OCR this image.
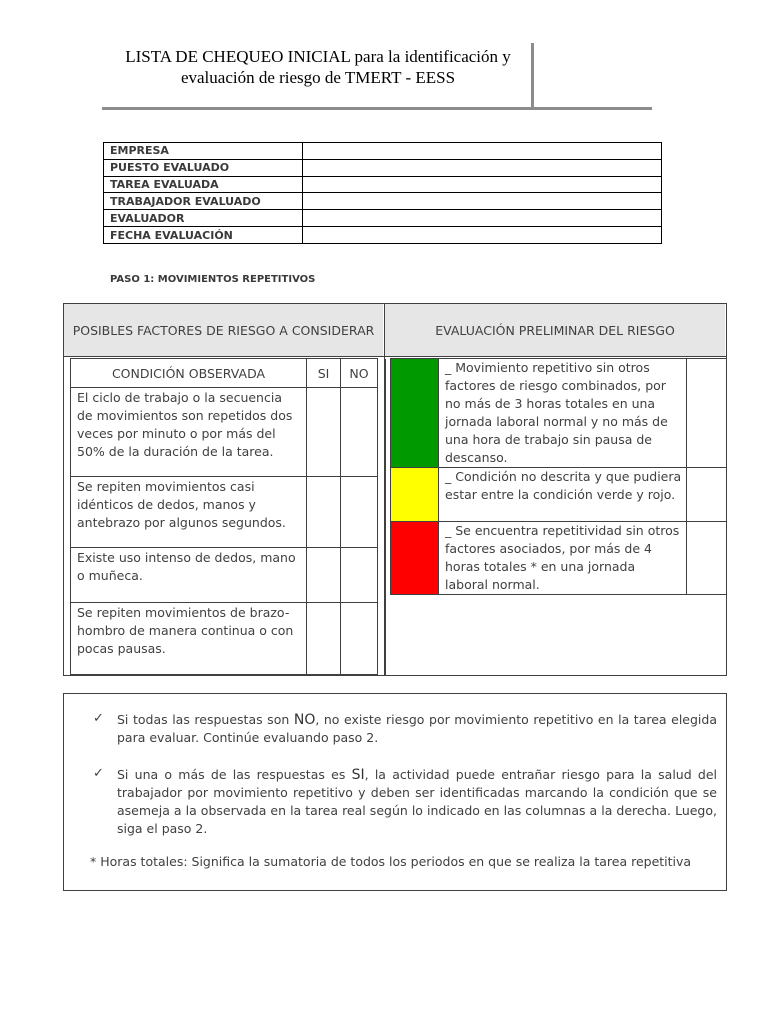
LISTA DE CHEQUEO INICIAL para la identificación y
evaluación de riesgo de TMERT - EESS
EMPRESA	
PUESTO EVALUADO	
TAREA EVALUADA	
TRABAJADOR EVALUADO	
EVALUADOR	
FECHA EVALUACIÓN	
PASO 1: MOVIMIENTOS REPETITIVOS
POSIBLES FACTORES DE RIESGO A CONSIDERAR	EVALUACIÓN PRELIMINAR DEL RIESGO
CONDICIÓN OBSERVADA	SI	NO	
El ciclo de trabajo o la secuencia de movimientos son repetidos dos veces por minuto o por más del 50% de la duración de la tarea.			
Se repiten movimientos casi idénticos de dedos, manos y antebrazo por algunos segundos.			
Existe uso intenso de dedos, mano o muñeca.			
Se repiten movimientos de brazo-hombro de manera continua o con pocas pausas.			
	_ Movimiento repetitivo sin otros factores de riesgo combinados, por no más de 3 horas totales en una jornada laboral normal y no más de una hora de trabajo sin pausa de descanso.	
	_ Condición no descrita y que pudiera estar entre la condición verde y rojo.	
	_ Se encuentra repetitividad sin otros factores asociados, por más de 4 horas totales * en una jornada laboral normal.	
✓ Si todas las respuestas son NO, no existe riesgo por movimiento repetitivo en la tarea elegida para evaluar. Continúe evaluando paso 2.
✓ Si una o más de las respuestas es SI, la actividad puede entrañar riesgo para la salud del trabajador por movimiento repetitivo y deben ser identificadas marcando la condición que se asemeja a la observada en la tarea real según lo indicado en las columnas a la derecha. Luego, siga el paso 2.
* Horas totales: Significa la sumatoria de todos los periodos en que se realiza la tarea repetitiva
